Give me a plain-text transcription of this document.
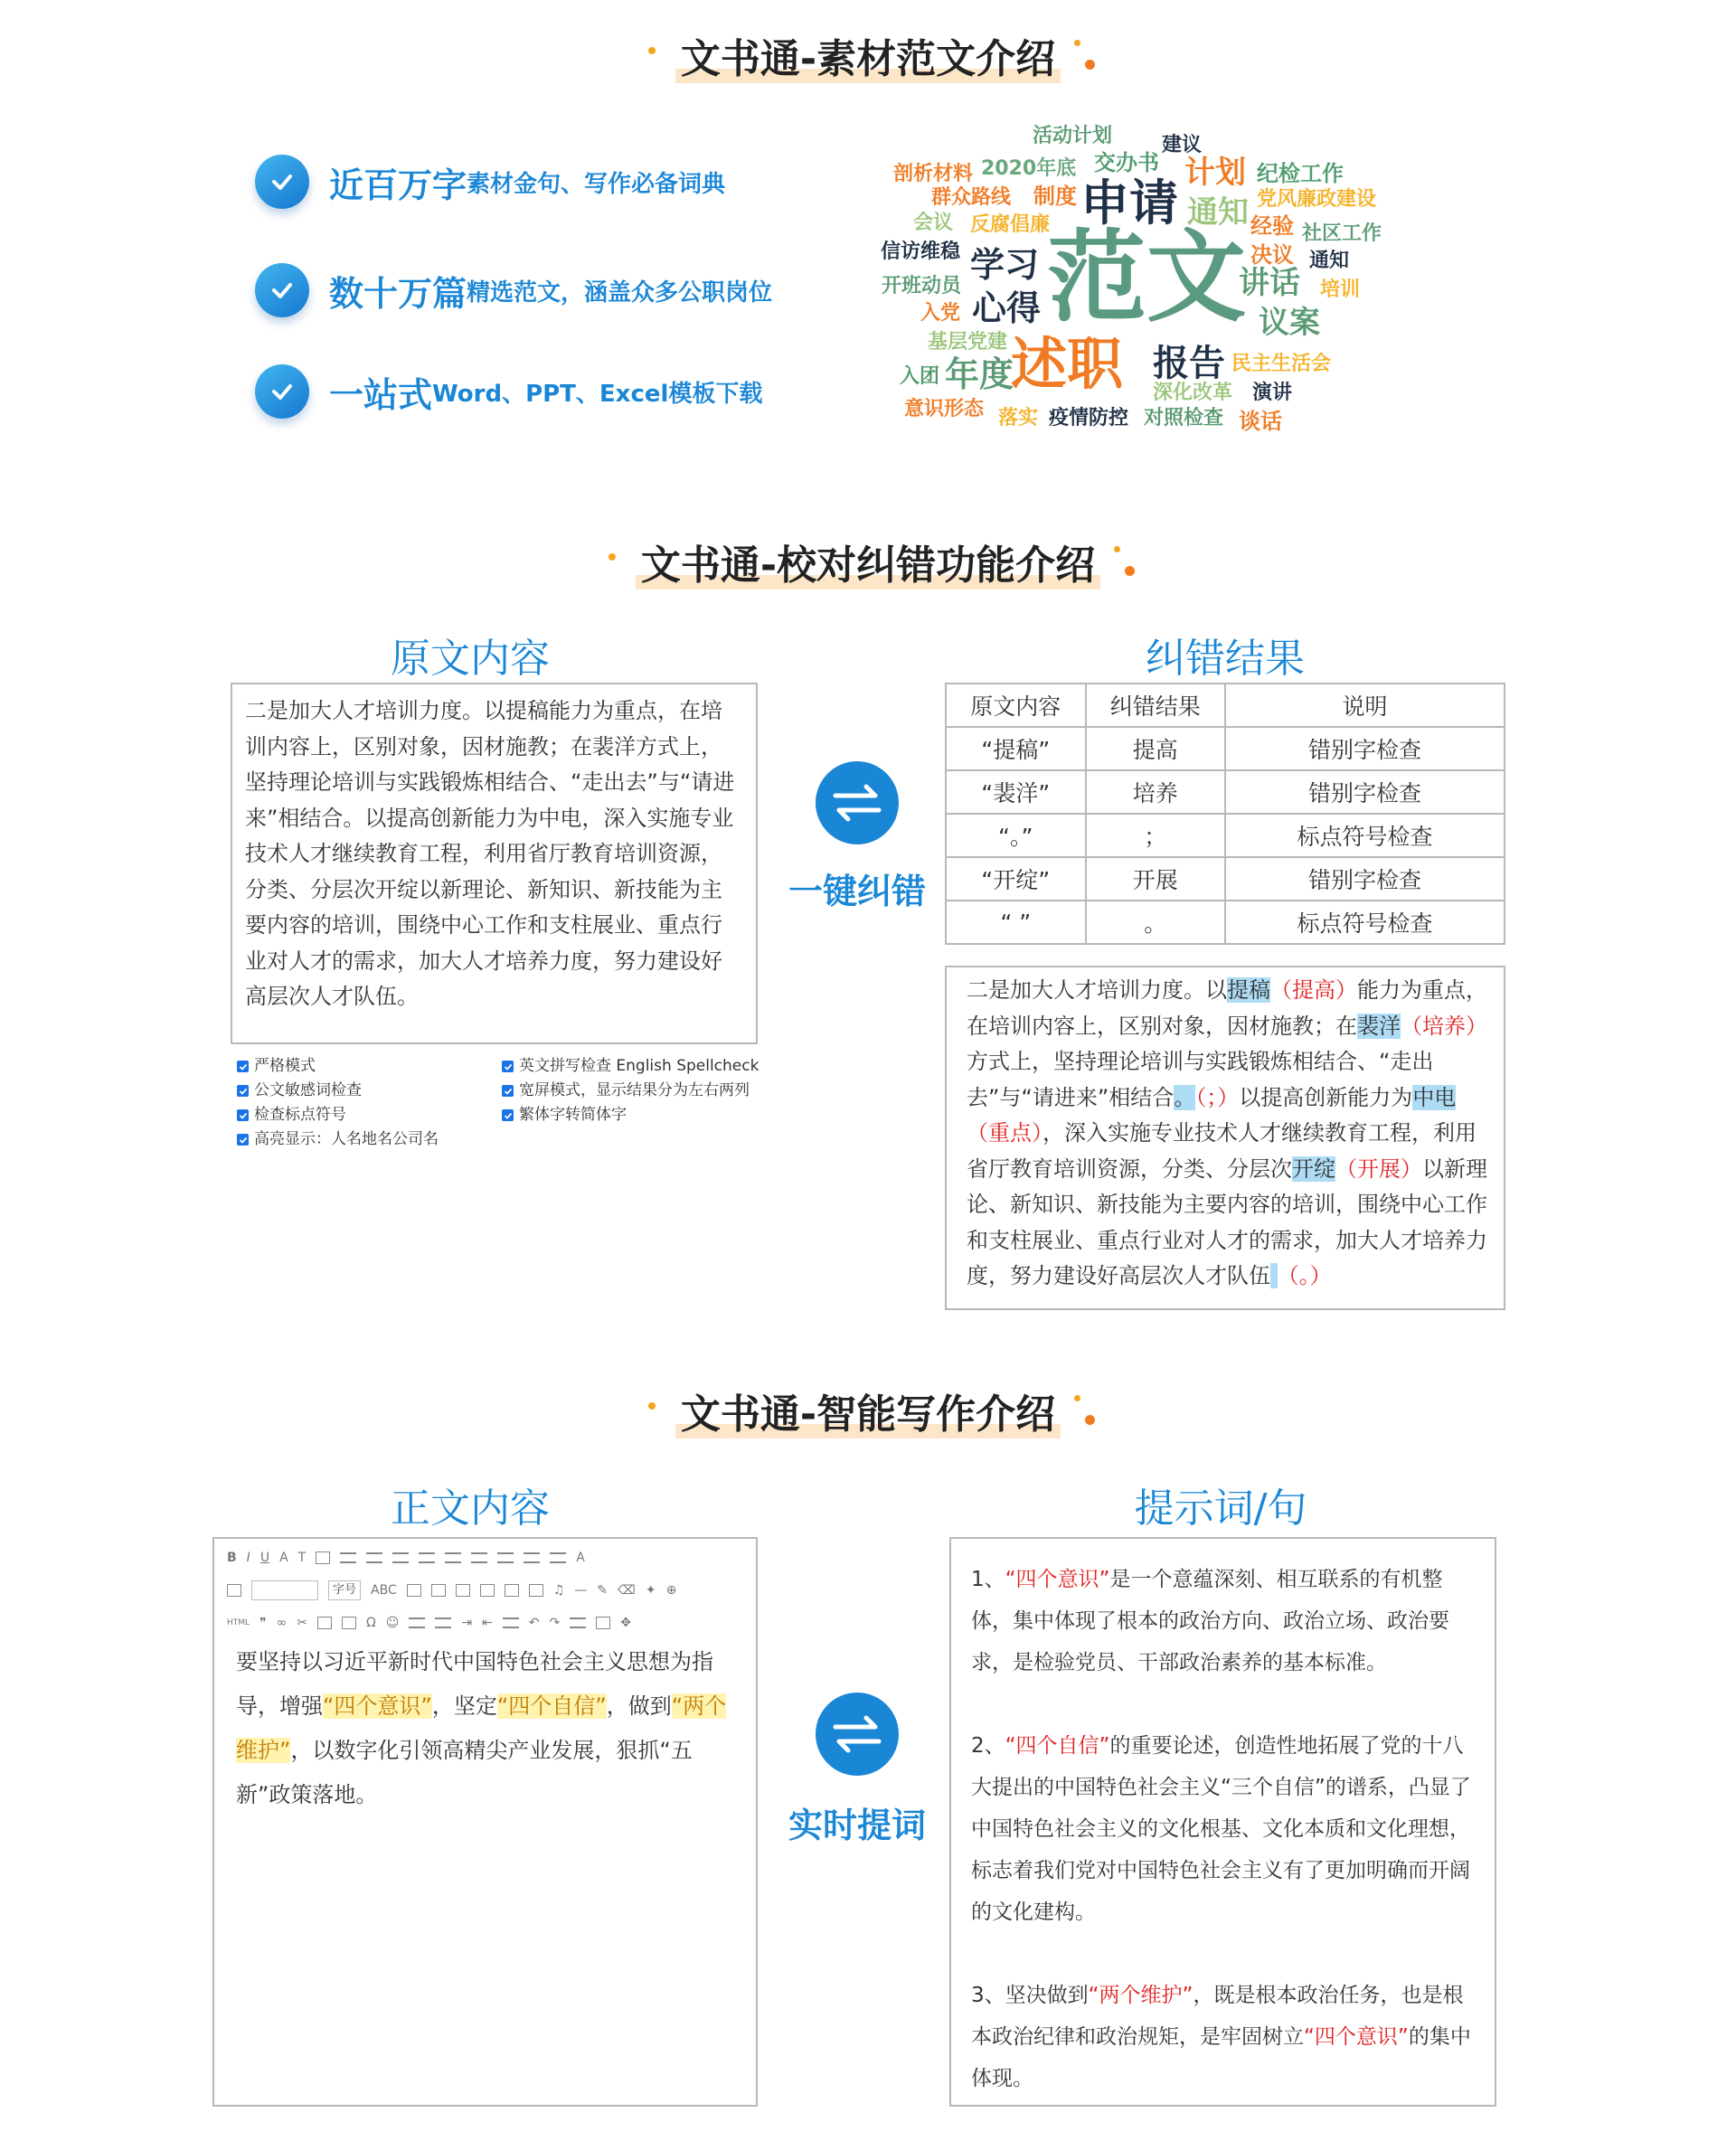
文书通-素材范文介绍
近百万字 素材金句、写作必备词典
数十万篇 精选范文，涵盖众多公职岗位
一站式 Word、PPT、Excel模板下载
活动计划 建议
剖析材料 2020年底 交办书 计划 纪检工作
群众路线 制度 申请	党风廉政建设
会议 反腐倡廉	通知 经验 社区工作
信访维稳 学习 范文 决议 通知
开班动员	讲话 培训
入党 心得	议案
基层党建
入团 年度
述职 报告 民主生活会
深化改革 演讲
意识形态 落实 疫情防控 对照检查 谈话
文书通-校对纠错功能介绍
原文内容	纠错结果
二是加大人才培训力度。以提稿能力为重点，在培训内容上，区别对象，因材施教；在裴洋方式上，坚持理论培训与实践锻炼相结合、“走出去”与“请进来”相结合。以提高创新能力为中电，深入实施专业技术人才继续教育工程，利用省厅教育培训资源，分类、分层次开绽以新理论、新知识、新技能为主要内容的培训，围绕中心工作和支柱展业、重点行业对人才的需求，加大人才培养力度，努力建设好高层次人才队伍。
严格模式
公文敏感词检查
检查标点符号
高亮显示：人名地名公司名
英文拼写检查 English Spellcheck
宽屏模式，显示结果分为左右两列
繁体字转简体字
一键纠错
原文内容	纠错结果	说明
“提稿”	提高	错别字检查
“裴洋”	培养	错别字检查
“。”	；	标点符号检查
“开绽”	开展	错别字检查
“ ”	。	标点符号检查
二是加大人才培训力度。以提稿（提高）能力为重点，在培训内容上，区别对象，因材施教；在裴洋（培养）方式上，坚持理论培训与实践锻炼相结合、“走出去”与“请进来”相结合。（；）以提高创新能力为中电（重点），深入实施专业技术人才继续教育工程，利用省厅教育培训资源，分类、分层次开绽（开展）以新理论、新知识、新技能为主要内容的培训，围绕中心工作和支柱展业、重点行业对人才的需求，加大人才培养力度，努力建设好高层次人才队伍 （。）
文书通-智能写作介绍
正文内容	提示词/句
B I U A T	A
字号	ABC	♫ — ✎ ⌫ ✦ ⊕
HTML ❞ ∞ ✂	Ω ☺	⇥ ⇤	↶ ↷	✥
要坚持以习近平新时代中国特色社会主义思想为指导，增强“四个意识”，坚定“四个自信”，做到“两个维护”，以数字化引领高精尖产业发展，狠抓“五新”政策落地。
实时提词
1、“四个意识”是一个意蕴深刻、相互联系的有机整体，集中体现了根本的政治方向、政治立场、政治要求，是检验党员、干部政治素养的基本标准。
2、“四个自信”的重要论述，创造性地拓展了党的十八大提出的中国特色社会主义“三个自信”的谱系，凸显了中国特色社会主义的文化根基、文化本质和文化理想，标志着我们党对中国特色社会主义有了更加明确而开阔的文化建构。
3、坚决做到“两个维护”，既是根本政治任务，也是根本政治纪律和政治规矩，是牢固树立“四个意识”的集中体现。
